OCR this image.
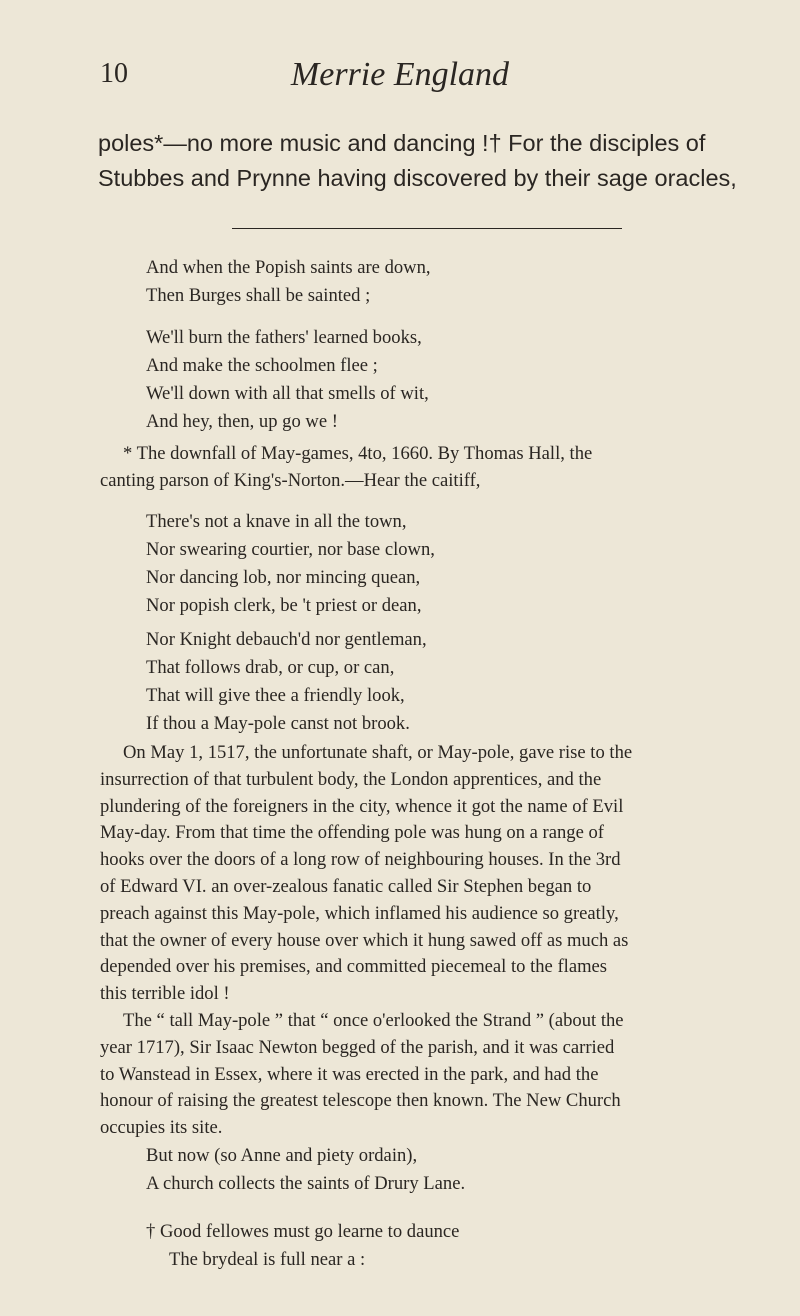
10	Merrie England

poles*—no more music and dancing !† For the disciples of

Stubbes and Prynne having discovered by their sage oracles,

And when the Popish saints are down,

Then Burges shall be sainted ;

We'll burn the fathers' learned books,

And make the schoolmen flee ;

We'll down with all that smells of wit,

And hey, then, up go we !

* The downfall of May-games, 4to, 1660. By Thomas Hall, the

canting parson of King's-Norton.—Hear the caitiff,

There's not a knave in all the town,

Nor swearing courtier, nor base clown,

Nor dancing lob, nor mincing quean,

Nor popish clerk, be 't priest or dean,

Nor Knight debauch'd nor gentleman,

That follows drab, or cup, or can,

That will give thee a friendly look,

If thou a May-pole canst not brook.

On May 1, 1517, the unfortunate shaft, or May-pole, gave rise to the

insurrection of that turbulent body, the London apprentices, and the

plundering of the foreigners in the city, whence it got the name of Evil

May-day. From that time the offending pole was hung on a range of

hooks over the doors of a long row of neighbouring houses. In the 3rd

of Edward VI. an over-zealous fanatic called Sir Stephen began to

preach against this May-pole, which inflamed his audience so greatly,

that the owner of every house over which it hung sawed off as much as

depended over his premises, and committed piecemeal to the flames

this terrible idol !

The “ tall May-pole ” that “ once o'erlooked the Strand ” (about the

year 1717), Sir Isaac Newton begged of the parish, and it was carried

to Wanstead in Essex, where it was erected in the park, and had the

honour of raising the greatest telescope then known. The New Church

occupies its site.

But now (so Anne and piety ordain),

A church collects the saints of Drury Lane.

† Good fellowes must go learne to daunce

The brydeal is full near a :
